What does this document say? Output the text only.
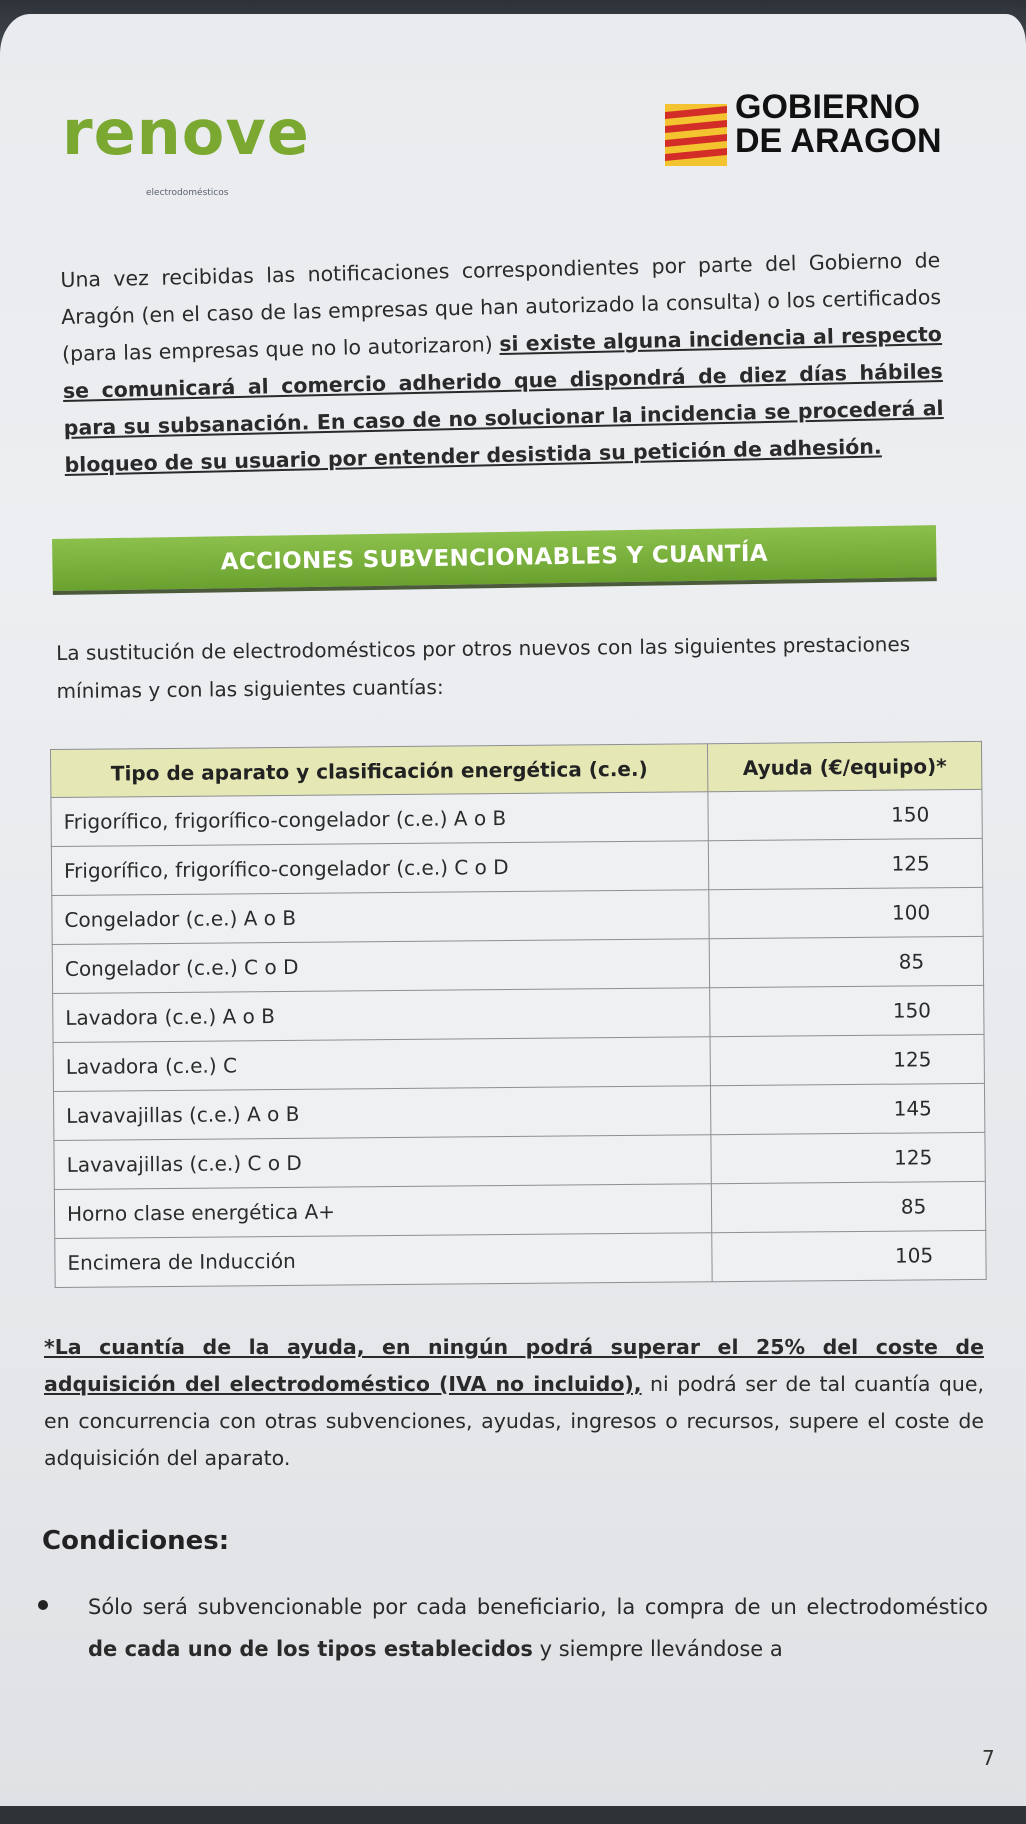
renove
electrodomésticos
GOBIERNO
DE ARAGON

Una vez recibidas las notificaciones correspondientes por parte del Gobierno de Aragón (en el caso de las empresas que han autorizado la consulta) o los certificados (para las empresas que no lo autorizaron) si existe alguna incidencia al respecto se comunicará al comercio adherido que dispondrá de diez días hábiles para su subsanación. En caso de no solucionar la incidencia se procederá al bloqueo de su usuario por entender desistida su petición de adhesión.

ACCIONES SUBVENCIONABLES Y CUANTÍA

La sustitución de electrodomésticos por otros nuevos con las siguientes prestaciones mínimas y con las siguientes cuantías:

Tipo de aparato y clasificación energética (c.e.)	Ayuda (€/equipo)*
Frigorífico, frigorífico-congelador (c.e.) A o B	150
Frigorífico, frigorífico-congelador (c.e.) C o D	125
Congelador (c.e.) A o B	100
Congelador (c.e.) C o D	85
Lavadora (c.e.) A o B	150
Lavadora (c.e.) C	125
Lavavajillas (c.e.) A o B	145
Lavavajillas (c.e.) C o D	125
Horno clase energética A+	85
Encimera de Inducción	105

*La cuantía de la ayuda, en ningún podrá superar el 25% del coste de adquisición del electrodoméstico (IVA no incluido), ni podrá ser de tal cuantía que, en concurrencia con otras subvenciones, ayudas, ingresos o recursos, supere el coste de adquisición del aparato.

Condiciones:

Sólo será subvencionable por cada beneficiario, la compra de un electrodoméstico de cada uno de los tipos establecidos y siempre llevándose a

7
